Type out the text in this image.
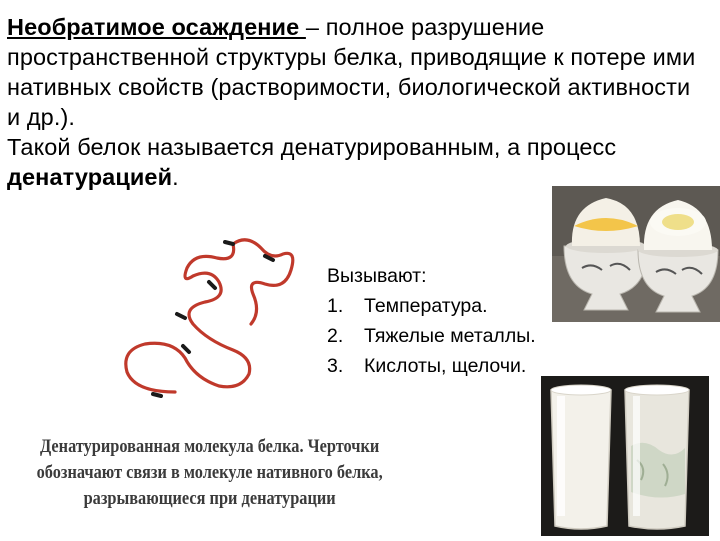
Необратимое осаждение – полное разрушение пространственной структуры белка, приводящие к потере ими нативных свойств (растворимости, биологической активности и др.).
Такой белок называется денатурированным, а процесс денатурацией.
Вызывают:
1. Температура.
2. Тяжелые металлы.
3. Кислоты, щелочи.
Денатурированная молекула белка. Черточки обозначают связи в молекуле нативного белка, разрывающиеся при денатурации
